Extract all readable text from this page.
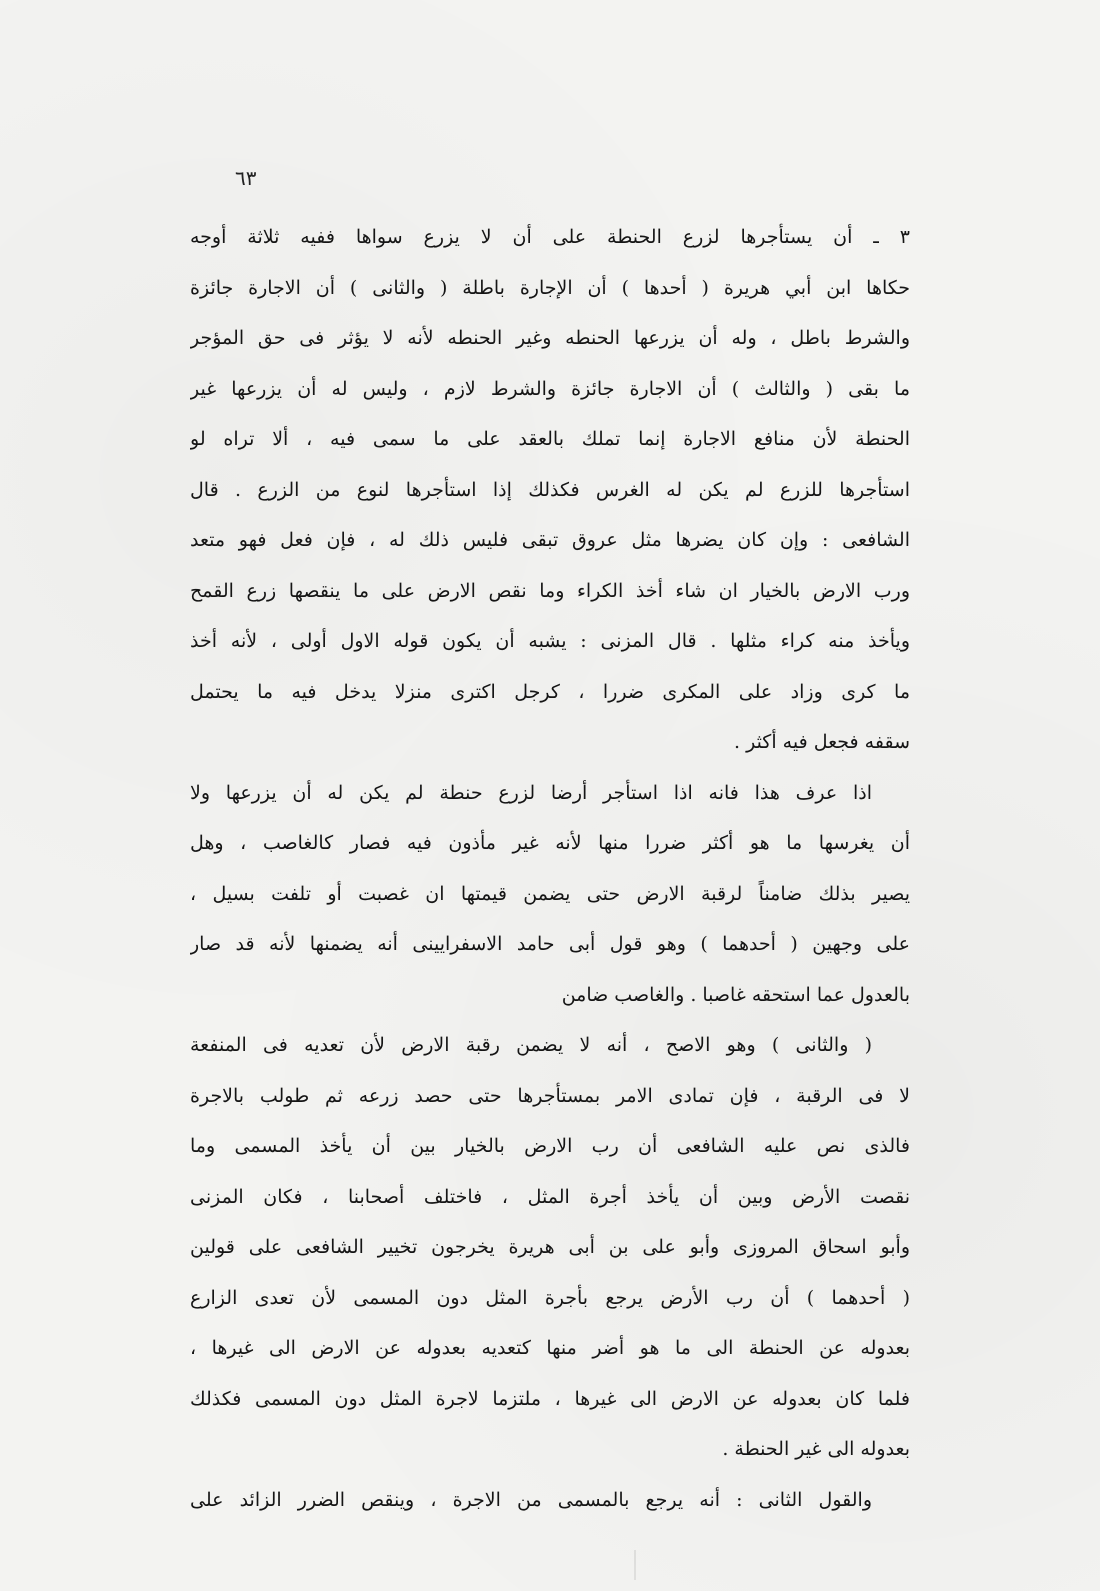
٦٣
٣ ـ أن يستأجرها لزرع الحنطة على أن لا يزرع سواها ففيه ثلاثة أوجه
حكاها ابن أبي هريرة ( أحدها ) أن الإجارة باطلة ( والثانى ) أن الاجارة جائزة
والشرط باطل ، وله أن يزرعها الحنطه وغير الحنطه لأنه لا يؤثر فى حق المؤجر
ما بقى ( والثالث ) أن الاجارة جائزة والشرط لازم ، وليس له أن يزرعها غير
الحنطة لأن منافع الاجارة إنما تملك بالعقد على ما سمى فيه ، ألا تراه لو
استأجرها للزرع لم يكن له الغرس فكذلك إذا استأجرها لنوع من الزرع . قال
الشافعى : وإن كان يضرها مثل عروق تبقى فليس ذلك له ، فإن فعل فهو متعد
ورب الارض بالخيار ان شاء أخذ الكراء وما نقص الارض على ما ينقصها زرع القمح
ويأخذ منه كراء مثلها . قال المزنى : يشبه أن يكون قوله الاول أولى ، لأنه أخذ
ما كرى وزاد على المكرى ضررا ، كرجل اكترى منزلا يدخل فيه ما يحتمل
سقفه فجعل فيه أكثر .
اذا عرف هذا فانه اذا استأجر أرضا لزرع حنطة لم يكن له أن يزرعها ولا
أن يغرسها ما هو أكثر ضررا منها لأنه غير مأذون فيه فصار كالغاصب ، وهل
يصير بذلك ضامناً لرقبة الارض حتى يضمن قيمتها ان غصبت أو تلفت بسيل ،
على وجهين ( أحدهما ) وهو قول أبى حامد الاسفرايينى أنه يضمنها لأنه قد صار
بالعدول عما استحقه غاصبا . والغاصب ضامن
( والثانى ) وهو الاصح ، أنه لا يضمن رقبة الارض لأن تعديه فى المنفعة
لا فى الرقبة ، فإن تمادى الامر بمستأجرها حتى حصد زرعه ثم طولب بالاجرة
فالذى نص عليه الشافعى أن رب الارض بالخيار بين أن يأخذ المسمى وما
نقصت الأرض وبين أن يأخذ أجرة المثل ، فاختلف أصحابنا ، فكان المزنى
وأبو اسحاق المروزى وأبو على بن أبى هريرة يخرجون تخيير الشافعى على قولين
( أحدهما ) أن رب الأرض يرجع بأجرة المثل دون المسمى لأن تعدى الزارع
بعدوله عن الحنطة الى ما هو أضر منها كتعديه بعدوله عن الارض الى غيرها ،
فلما كان بعدوله عن الارض الى غيرها ، ملتزما لاجرة المثل دون المسمى فكذلك
بعدوله الى غير الحنطة .
والقول الثانى : أنه يرجع بالمسمى من الاجرة ، وينقص الضرر الزائد على
